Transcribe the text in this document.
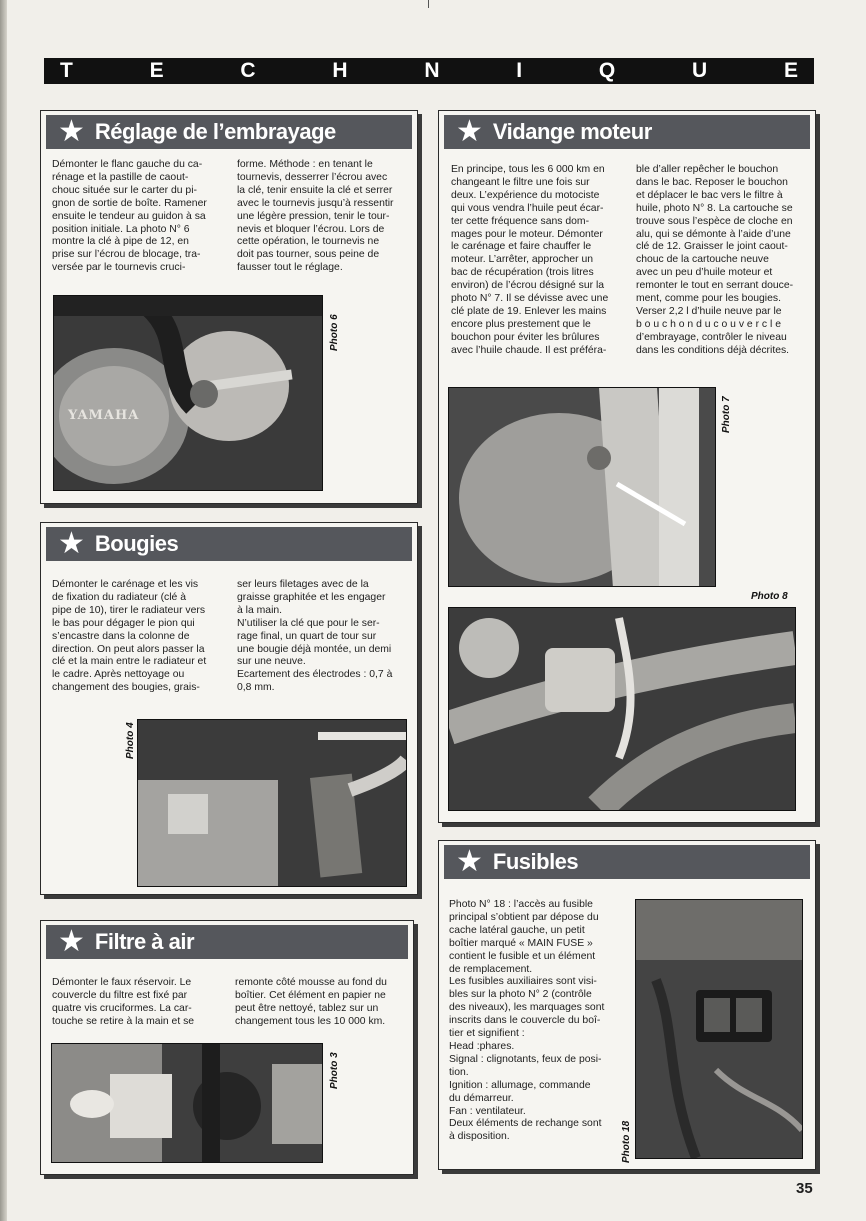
T	E	C	H	N	I	Q	U	E
★ Réglage de l’embrayage
Démonter le flanc gauche du ca-
rénage et la pastille de caout-
chouc située sur le carter du pi-
gnon de sortie de boîte. Ramener
ensuite le tendeur au guidon à sa
position initiale. La photo N° 6
montre la clé à pipe de 12, en
prise sur l’écrou de blocage, tra-
versée par le tournevis cruci-
forme. Méthode : en tenant le
tournevis, desserrer l’écrou avec
la clé, tenir ensuite la clé et serrer
avec le tournevis jusqu’à ressentir
une légère pression, tenir le tour-
nevis et bloquer l’écrou. Lors de
cette opération, le tournevis ne
doit pas tourner, sous peine de
fausser tout le réglage.
YAMAHA
Photo 6
★ Vidange moteur
En principe, tous les 6 000 km en
changeant le filtre une fois sur
deux. L’expérience du motociste
qui vous vendra l’huile peut écar-
ter cette fréquence sans dom-
mages pour le moteur. Démonter
le carénage et faire chauffer le
moteur. L’arrêter, approcher un
bac de récupération (trois litres
environ) de l’écrou désigné sur la
photo N° 7. Il se dévisse avec une
clé plate de 19. Enlever les mains
encore plus prestement que le
bouchon pour éviter les brûlures
avec l’huile chaude. Il est préféra-
ble d’aller repêcher le bouchon
dans le bac. Reposer le bouchon
et déplacer le bac vers le filtre à
huile, photo N° 8. La cartouche se
trouve sous l’espèce de cloche en
alu, qui se démonte à l’aide d’une
clé de 12. Graisser le joint caout-
chouc de la cartouche neuve
avec un peu d’huile moteur et
remonter le tout en serrant douce-
ment, comme pour les bougies.
Verser 2,2 l d’huile neuve par le
b o u c h o n d u c o u v e r c l e
d’embrayage, contrôler le niveau
dans les conditions déjà décrites.
Photo 7
Photo 8
★ Bougies
Démonter le carénage et les vis
de fixation du radiateur (clé à
pipe de 10), tirer le radiateur vers
le bas pour dégager le pion qui
s’encastre dans la colonne de
direction. On peut alors passer la
clé et la main entre le radiateur et
le cadre. Après nettoyage ou
changement des bougies, grais-
ser leurs filetages avec de la
graisse graphitée et les engager
à la main.
N’utiliser la clé que pour le ser-
rage final, un quart de tour sur
une bougie déjà montée, un demi
sur une neuve.
Ecartement des électrodes : 0,7 à
0,8 mm.
Photo 4
★ Filtre à air
Démonter le faux réservoir. Le
couvercle du filtre est fixé par
quatre vis cruciformes. La car-
touche se retire à la main et se
remonte côté mousse au fond du
boîtier. Cet élément en papier ne
peut être nettoyé, tablez sur un
changement tous les 10 000 km.
Photo 3
★ Fusibles
Photo N° 18 : l’accès au fusible
principal s’obtient par dépose du
cache latéral gauche, un petit
boîtier marqué « MAIN FUSE »
contient le fusible et un élément
de remplacement.
Les fusibles auxiliaires sont visi-
bles sur la photo N° 2 (contrôle
des niveaux), les marquages sont
inscrits dans le couvercle du boî-
tier et signifient :
Head :phares.
Signal : clignotants, feux de posi-
tion.
Ignition : allumage, commande
du démarreur.
Fan : ventilateur.
Deux éléments de rechange sont
à disposition.	Photo 18
35
